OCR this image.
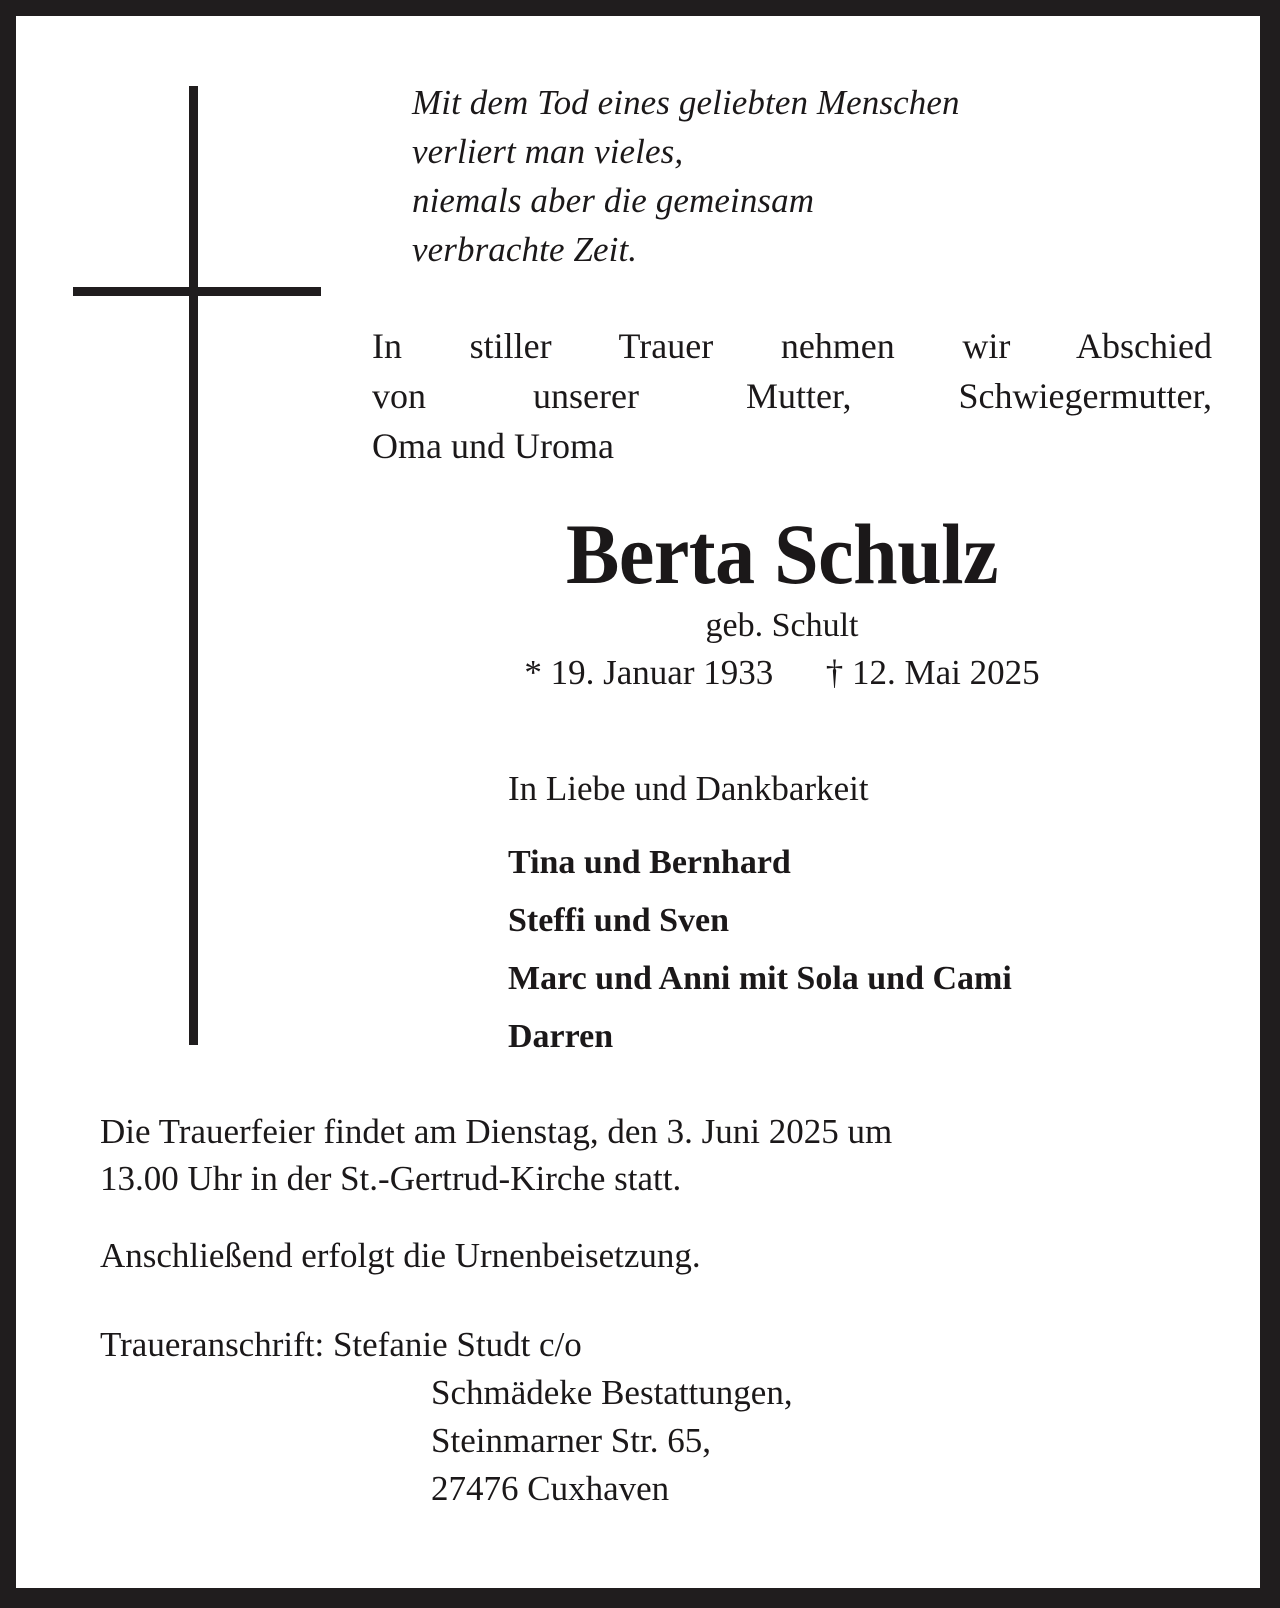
Mit dem Tod eines geliebten Menschen
verliert man vieles,
niemals aber die gemeinsam
verbrachte Zeit.
In stiller Trauer nehmen wir Abschied
von unserer Mutter, Schwiegermutter,
Oma und Uroma
Berta Schulz
geb. Schult
* 19. Januar 1933      † 12. Mai 2025
In Liebe und Dankbarkeit
Tina und Bernhard
Steffi und Sven
Marc und Anni mit Sola und Cami
Darren

Die Trauerfeier findet am Dienstag, den 3. Juni 2025 um
13.00 Uhr in der St.-Gertrud-Kirche statt.

Anschließend erfolgt die Urnenbeisetzung.

Traueranschrift: Stefanie Studt c/o
Schmädeke Bestattungen,
Steinmarner Str. 65,
27476 Cuxhaven
